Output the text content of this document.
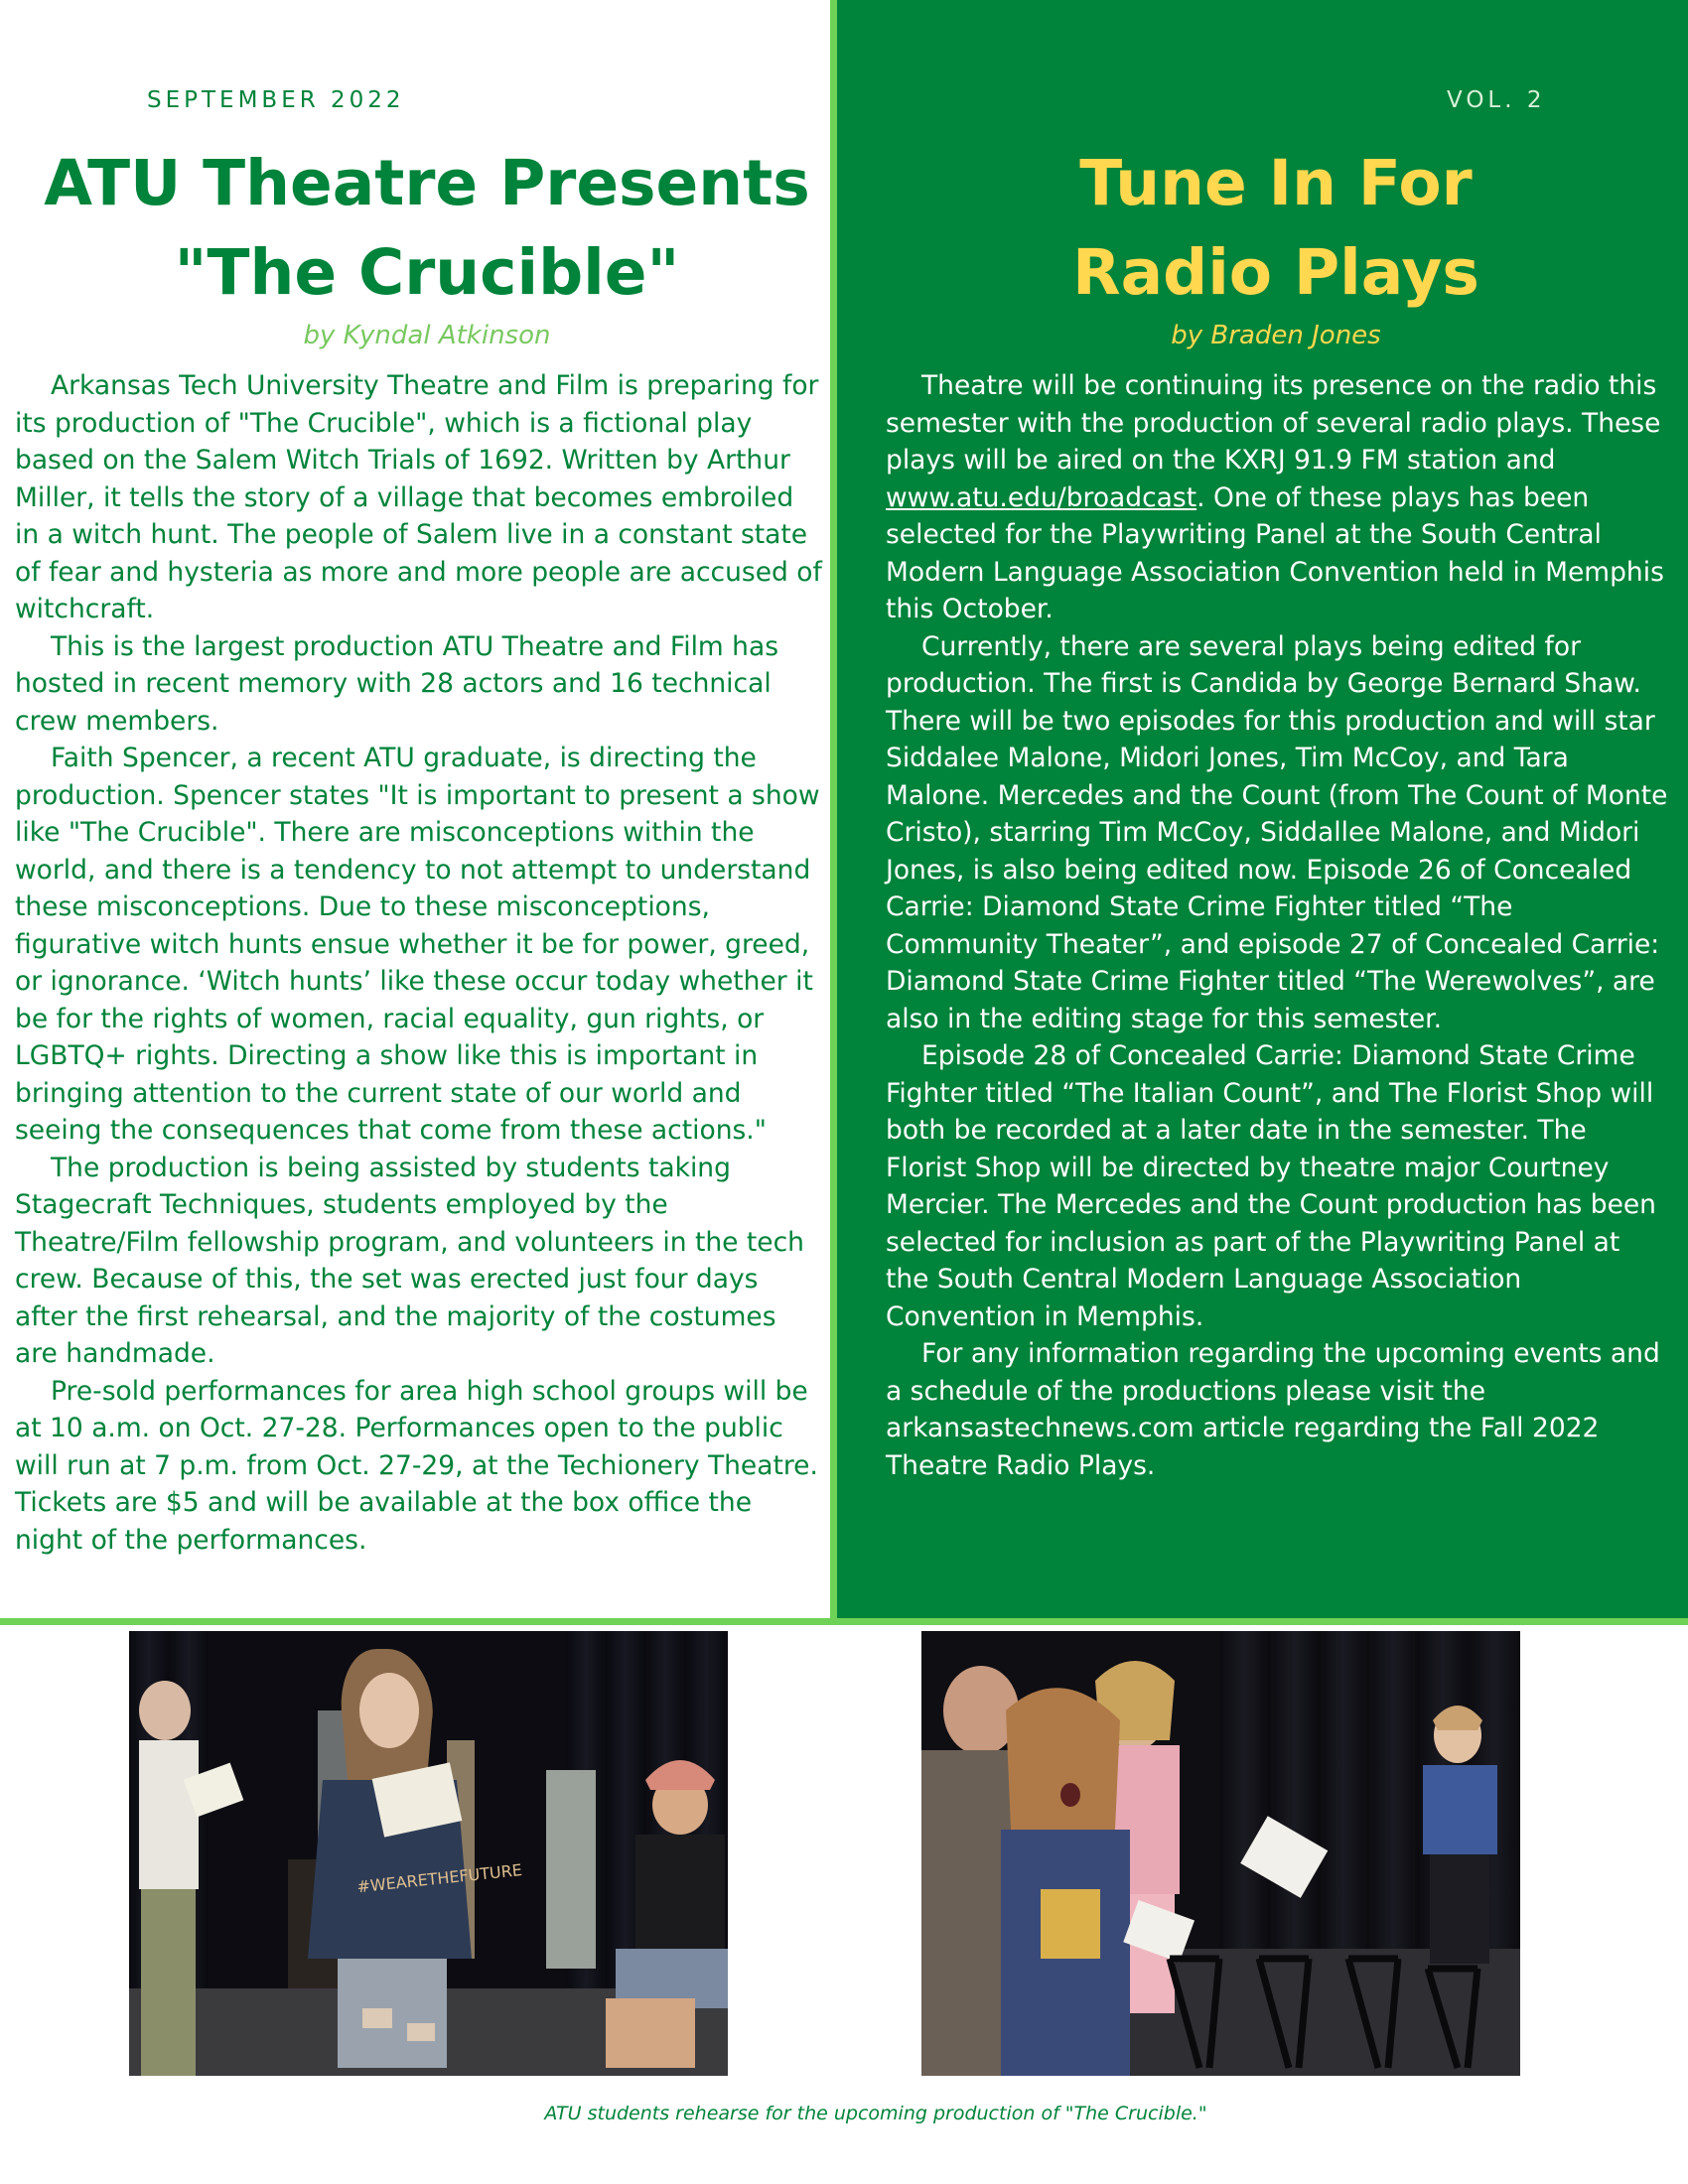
SEPTEMBER 2022	VOL. 2
ATU Theatre Presents
"The Crucible"
Tune In For
Radio Plays
by Kyndal Atkinson	by Braden Jones

Arkansas Tech University Theatre and Film is preparing for its production of "The Crucible", which is a fictional play based on the Salem Witch Trials of 1692. Written by Arthur Miller, it tells the story of a village that becomes embroiled in a witch hunt. The people of Salem live in a constant state of fear and hysteria as more and more people are accused of witchcraft.

This is the largest production ATU Theatre and Film has hosted in recent memory with 28 actors and 16 technical crew members.

Faith Spencer, a recent ATU graduate, is directing the production. Spencer states "It is important to present a show like "The Crucible". There are misconceptions within the world, and there is a tendency to not attempt to understand these misconceptions. Due to these misconceptions, figurative witch hunts ensue whether it be for power, greed, or ignorance. ‘Witch hunts’ like these occur today whether it be for the rights of women, racial equality, gun rights, or LGBTQ+ rights. Directing a show like this is important in bringing attention to the current state of our world and seeing the consequences that come from these actions."

The production is being assisted by students taking Stagecraft Techniques, students employed by the Theatre/Film fellowship program, and volunteers in the tech crew. Because of this, the set was erected just four days after the first rehearsal, and the majority of the costumes are handmade.

Pre-sold performances for area high school groups will be at 10 a.m. on Oct. 27-28. Performances open to the public will run at 7 p.m. from Oct. 27-29, at the Techionery Theatre. Tickets are $5 and will be available at the box office the night of the performances.

Theatre will be continuing its presence on the radio this semester with the production of several radio plays. These plays will be aired on the KXRJ 91.9 FM station and www.atu.edu/broadcast. One of these plays has been selected for the Playwriting Panel at the South Central Modern Language Association Convention held in Memphis this October.

Currently, there are several plays being edited for production. The first is Candida by George Bernard Shaw. There will be two episodes for this production and will star Siddalee Malone, Midori Jones, Tim McCoy, and Tara Malone. Mercedes and the Count (from The Count of Monte Cristo), starring Tim McCoy, Siddallee Malone, and Midori Jones, is also being edited now. Episode 26 of Concealed Carrie: Diamond State Crime Fighter titled “The Community Theater”, and episode 27 of Concealed Carrie: Diamond State Crime Fighter titled “The Werewolves”, are also in the editing stage for this semester.

Episode 28 of Concealed Carrie: Diamond State Crime Fighter titled “The Italian Count”, and The Florist Shop will both be recorded at a later date in the semester. The Florist Shop will be directed by theatre major Courtney Mercier. The Mercedes and the Count production has been selected for inclusion as part of the Playwriting Panel at the South Central Modern Language Association Convention in Memphis.

For any information regarding the upcoming events and a schedule of the productions please visit the arkansastechnews.com article regarding the Fall 2022 Theatre Radio Plays.

#WEARETHEFUTURE
ATU students rehearse for the upcoming production of "The Crucible."
